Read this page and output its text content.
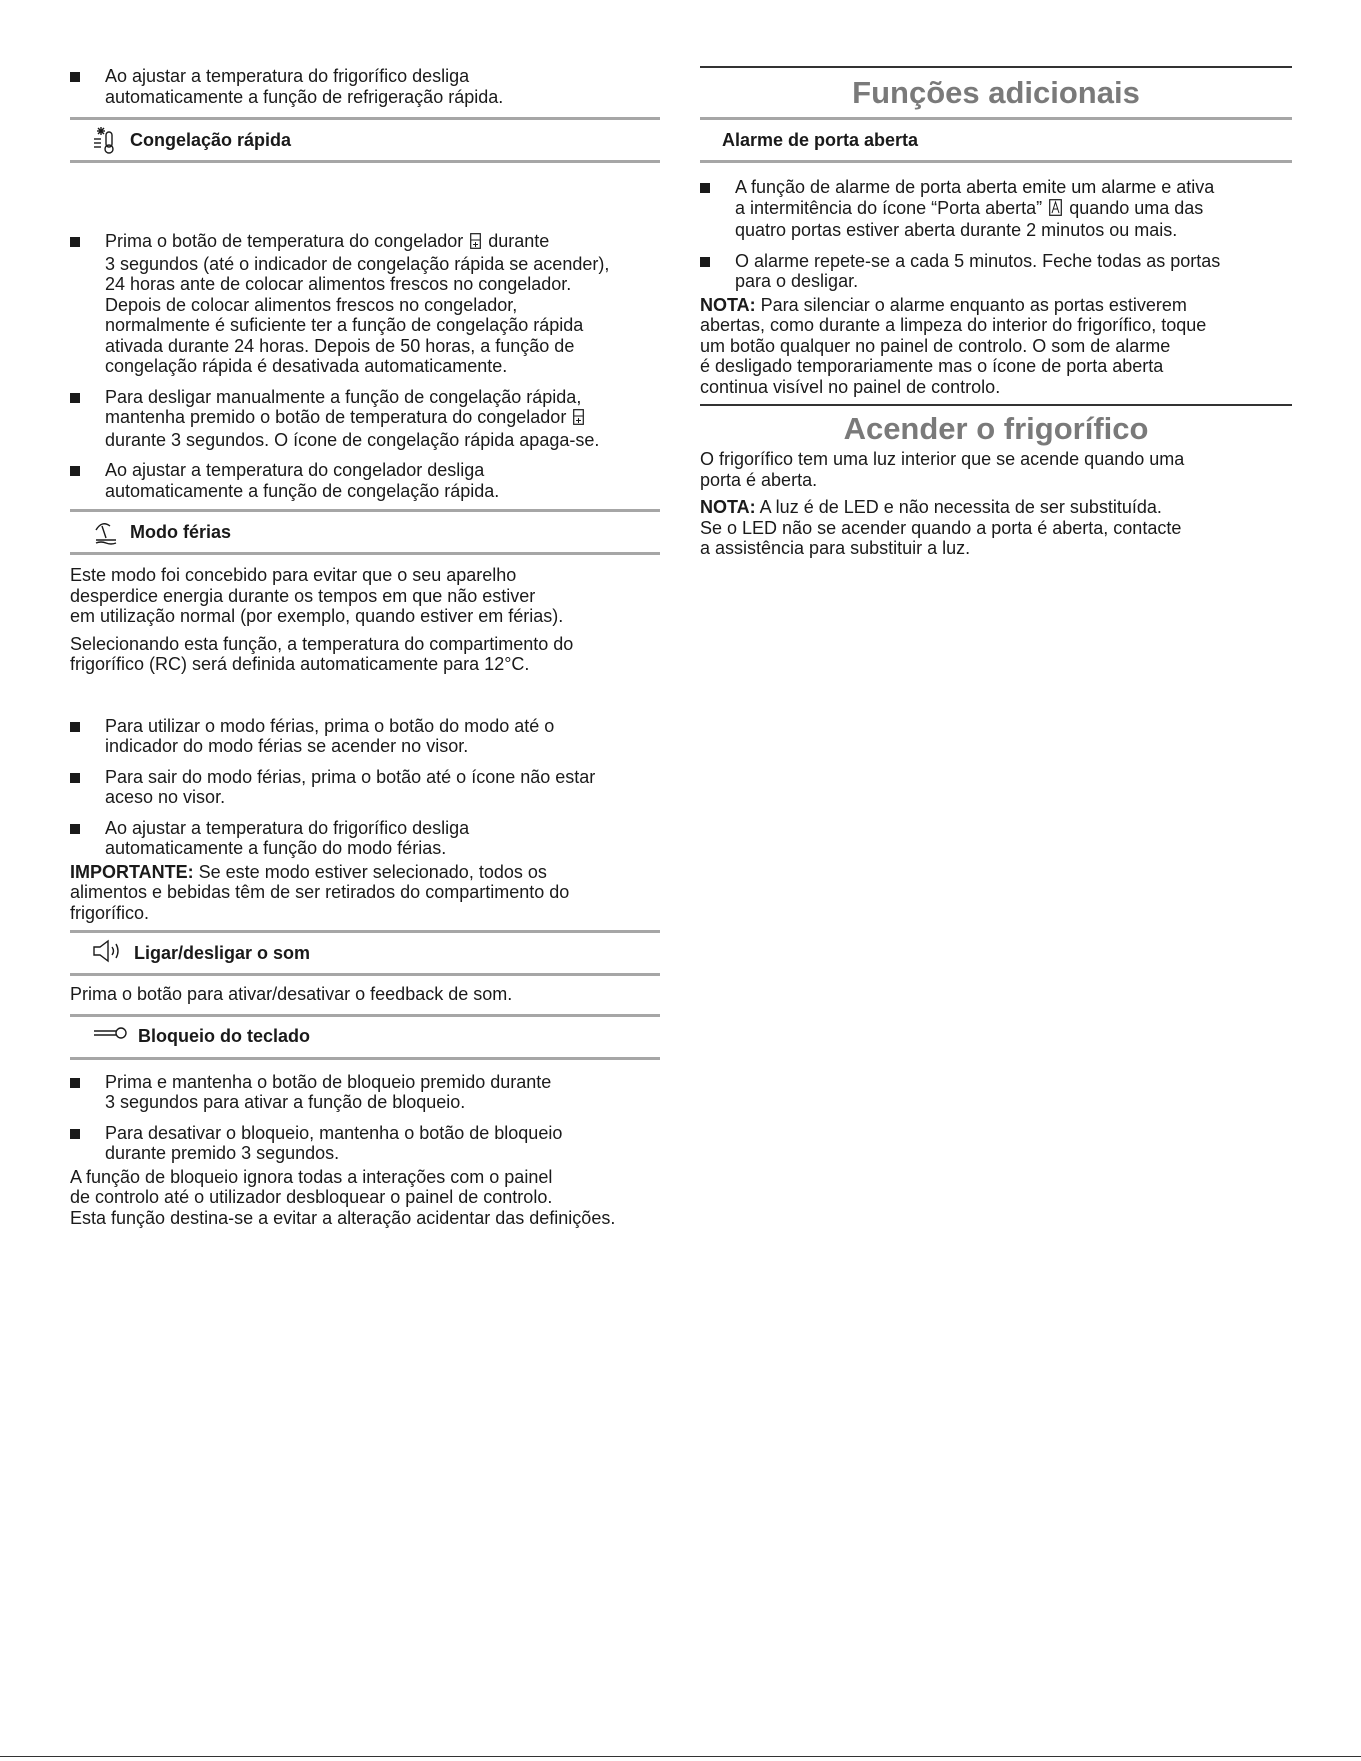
Ao ajustar a temperatura do frigorífico desliga
automaticamente a função de refrigeração rápida.
Congelação rápida
Prima o botão de temperatura do congelador durante
3 segundos (até o indicador de congelação rápida se acender),
24 horas ante de colocar alimentos frescos no congelador.
Depois de colocar alimentos frescos no congelador,
normalmente é suficiente ter a função de congelação rápida
ativada durante 24 horas. Depois de 50 horas, a função de
congelação rápida é desativada automaticamente.
Para desligar manualmente a função de congelação rápida,
mantenha premido o botão de temperatura do congelador
durante 3 segundos. O ícone de congelação rápida apaga-se.
Ao ajustar a temperatura do congelador desliga
automaticamente a função de congelação rápida.
Modo férias
Este modo foi concebido para evitar que o seu aparelho
desperdice energia durante os tempos em que não estiver
em utilização normal (por exemplo, quando estiver em férias).
Selecionando esta função, a temperatura do compartimento do
frigorífico (RC) será definida automaticamente para 12°C.
Para utilizar o modo férias, prima o botão do modo até o
indicador do modo férias se acender no visor.
Para sair do modo férias, prima o botão até o ícone não estar
aceso no visor.
Ao ajustar a temperatura do frigorífico desliga
automaticamente a função do modo férias.
IMPORTANTE: Se este modo estiver selecionado, todos os
alimentos e bebidas têm de ser retirados do compartimento do
frigorífico.
Ligar/desligar o som
Prima o botão para ativar/desativar o feedback de som.
Bloqueio do teclado
Prima e mantenha o botão de bloqueio premido durante
3 segundos para ativar a função de bloqueio.
Para desativar o bloqueio, mantenha o botão de bloqueio
durante premido 3 segundos.
A função de bloqueio ignora todas a interações com o painel
de controlo até o utilizador desbloquear o painel de controlo.
Esta função destina-se a evitar a alteração acidentar das definições.
Funções adicionais
Alarme de porta aberta
A função de alarme de porta aberta emite um alarme e ativa
a intermitência do ícone “Porta aberta”  quando uma das
quatro portas estiver aberta durante 2 minutos ou mais.
O alarme repete-se a cada 5 minutos. Feche todas as portas
para o desligar.
NOTA: Para silenciar o alarme enquanto as portas estiverem
abertas, como durante a limpeza do interior do frigorífico, toque
um botão qualquer no painel de controlo. O som de alarme
é desligado temporariamente mas o ícone de porta aberta
continua visível no painel de controlo.
Acender o frigorífico
O frigorífico tem uma luz interior que se acende quando uma
porta é aberta.
NOTA: A luz é de LED e não necessita de ser substituída.
Se o LED não se acender quando a porta é aberta, contacte
a assistência para substituir a luz.
